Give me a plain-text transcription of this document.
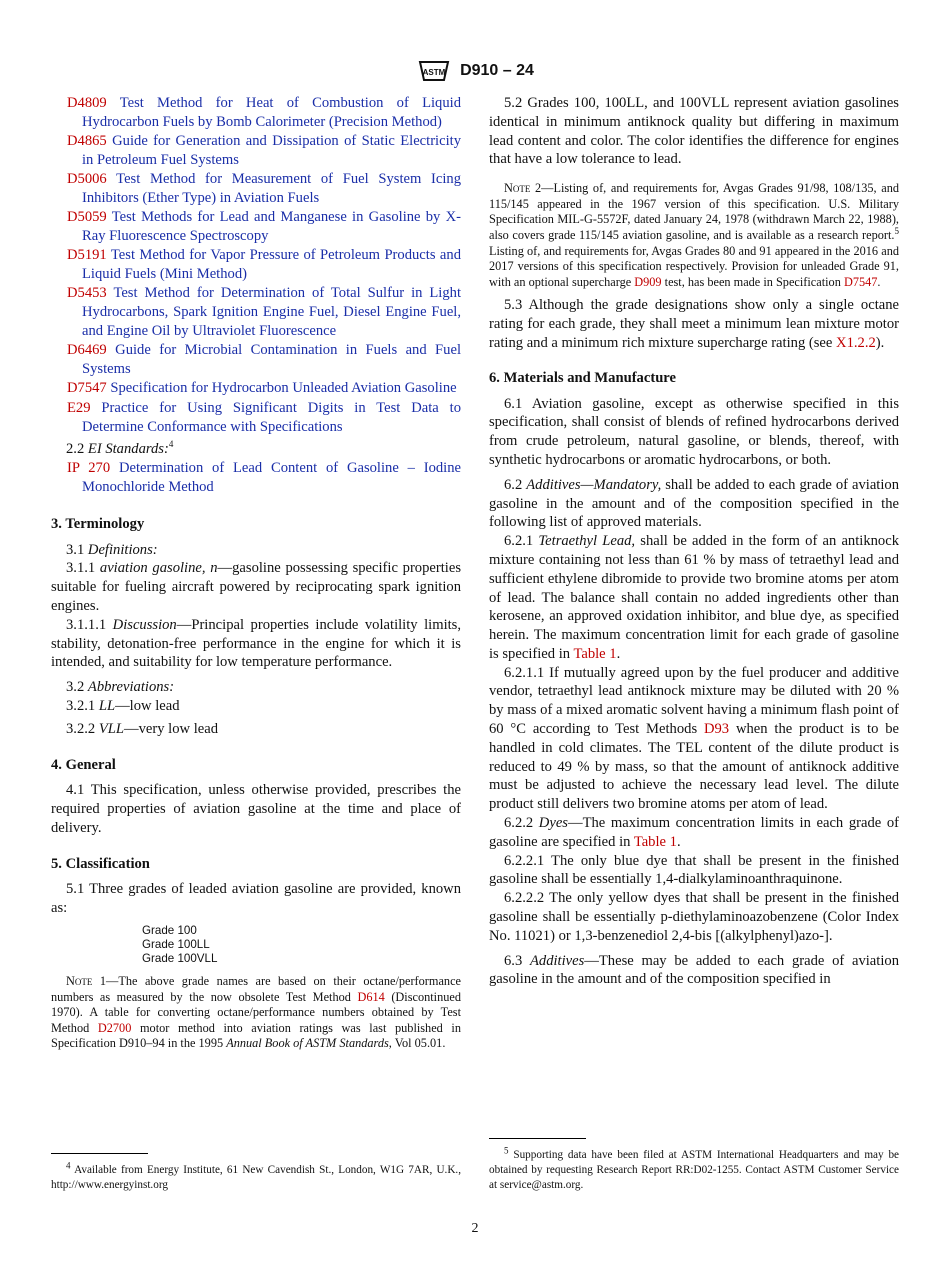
ASTM D910 – 24
D4809 Test Method for Heat of Combustion of Liquid Hydrocarbon Fuels by Bomb Calorimeter (Precision Method)
D4865 Guide for Generation and Dissipation of Static Electricity in Petroleum Fuel Systems
D5006 Test Method for Measurement of Fuel System Icing Inhibitors (Ether Type) in Aviation Fuels
D5059 Test Methods for Lead and Manganese in Gasoline by X-Ray Fluorescence Spectroscopy
D5191 Test Method for Vapor Pressure of Petroleum Products and Liquid Fuels (Mini Method)
D5453 Test Method for Determination of Total Sulfur in Light Hydrocarbons, Spark Ignition Engine Fuel, Diesel Engine Fuel, and Engine Oil by Ultraviolet Fluorescence
D6469 Guide for Microbial Contamination in Fuels and Fuel Systems
D7547 Specification for Hydrocarbon Unleaded Aviation Gasoline
E29 Practice for Using Significant Digits in Test Data to Determine Conformance with Specifications

2.2 EI Standards:$^4$

IP 270 Determination of Lead Content of Gasoline – Iodine Monochloride Method
3. Terminology

3.1 Definitions:

3.1.1 aviation gasoline, n—gasoline possessing specific properties suitable for fueling aircraft powered by reciprocating spark ignition engines.

3.1.1.1 Discussion—Principal properties include volatility limits, stability, detonation-free performance in the engine for which it is intended, and suitability for low temperature performance.

3.2 Abbreviations:

3.2.1 LL—low lead

3.2.2 VLL—very low lead

4. General

4.1 This specification, unless otherwise provided, prescribes the required properties of aviation gasoline at the time and place of delivery.

5. Classification

5.1 Three grades of leaded aviation gasoline are provided, known as:

Grade 100
Grade 100LL
Grade 100VLL

Note 1—The above grade names are based on their octane/performance numbers as measured by the now obsolete Test Method D614 (Discontinued 1970). A table for converting octane/performance numbers obtained by Test Method D2700 motor method into aviation ratings was last published in Specification D910–94 in the 1995 Annual Book of ASTM Standards, Vol 05.01.

$^4$ Available from Energy Institute, 61 New Cavendish St., London, W1G 7AR, U.K., http://www.energyinst.org

5.2 Grades 100, 100LL, and 100VLL represent aviation gasolines identical in minimum antiknock quality but differing in maximum lead content and color. The color identifies the difference for engines that have a low tolerance to lead.

Note 2—Listing of, and requirements for, Avgas Grades 91/98, 108/135, and 115/145 appeared in the 1967 version of this specification. U.S. Military Specification MIL-G-5572F, dated January 24, 1978 (withdrawn March 22, 1988), also covers grade 115/145 aviation gasoline, and is available as a research report.$^5$ Listing of, and requirements for, Avgas Grades 80 and 91 appeared in the 2016 and 2017 versions of this specification respectively. Provision for unleaded Grade 91, with an optional supercharge D909 test, has been made in Specification D7547.

5.3 Although the grade designations show only a single octane rating for each grade, they shall meet a minimum lean mixture motor rating and a minimum rich mixture supercharge rating (see X1.2.2).

6. Materials and Manufacture

6.1 Aviation gasoline, except as otherwise specified in this specification, shall consist of blends of refined hydrocarbons derived from crude petroleum, natural gasoline, or blends, thereof, with synthetic hydrocarbons or aromatic hydrocarbons, or both.

6.2 Additives—Mandatory, shall be added to each grade of aviation gasoline in the amount and of the composition specified in the following list of approved materials.

6.2.1 Tetraethyl Lead, shall be added in the form of an antiknock mixture containing not less than 61 % by mass of tetraethyl lead and sufficient ethylene dibromide to provide two bromine atoms per atom of lead. The balance shall contain no added ingredients other than kerosene, an approved oxidation inhibitor, and blue dye, as specified herein. The maximum concentration limit for each grade of gasoline is specified in Table 1.

6.2.1.1 If mutually agreed upon by the fuel producer and additive vendor, tetraethyl lead antiknock mixture may be diluted with 20 % by mass of a mixed aromatic solvent having a minimum flash point of 60 °C according to Test Methods D93 when the product is to be handled in cold climates. The TEL content of the dilute product is reduced to 49 % by mass, so that the amount of antiknock additive must be adjusted to achieve the necessary lead level. The dilute product still delivers two bromine atoms per atom of lead.

6.2.2 Dyes—The maximum concentration limits in each grade of gasoline are specified in Table 1.

6.2.2.1 The only blue dye that shall be present in the finished gasoline shall be essentially 1,4-dialkylaminoanthraquinone.

6.2.2.2 The only yellow dyes that shall be present in the finished gasoline shall be essentially p-diethylaminoazobenzene (Color Index No. 11021) or 1,3-benzenediol 2,4-bis [(alkylphenyl)azo-].

6.3 Additives—These may be added to each grade of aviation gasoline in the amount and of the composition specified in

$^5$ Supporting data have been filed at ASTM International Headquarters and may be obtained by requesting Research Report RR:D02-1255. Contact ASTM Customer Service at service@astm.org.
2
